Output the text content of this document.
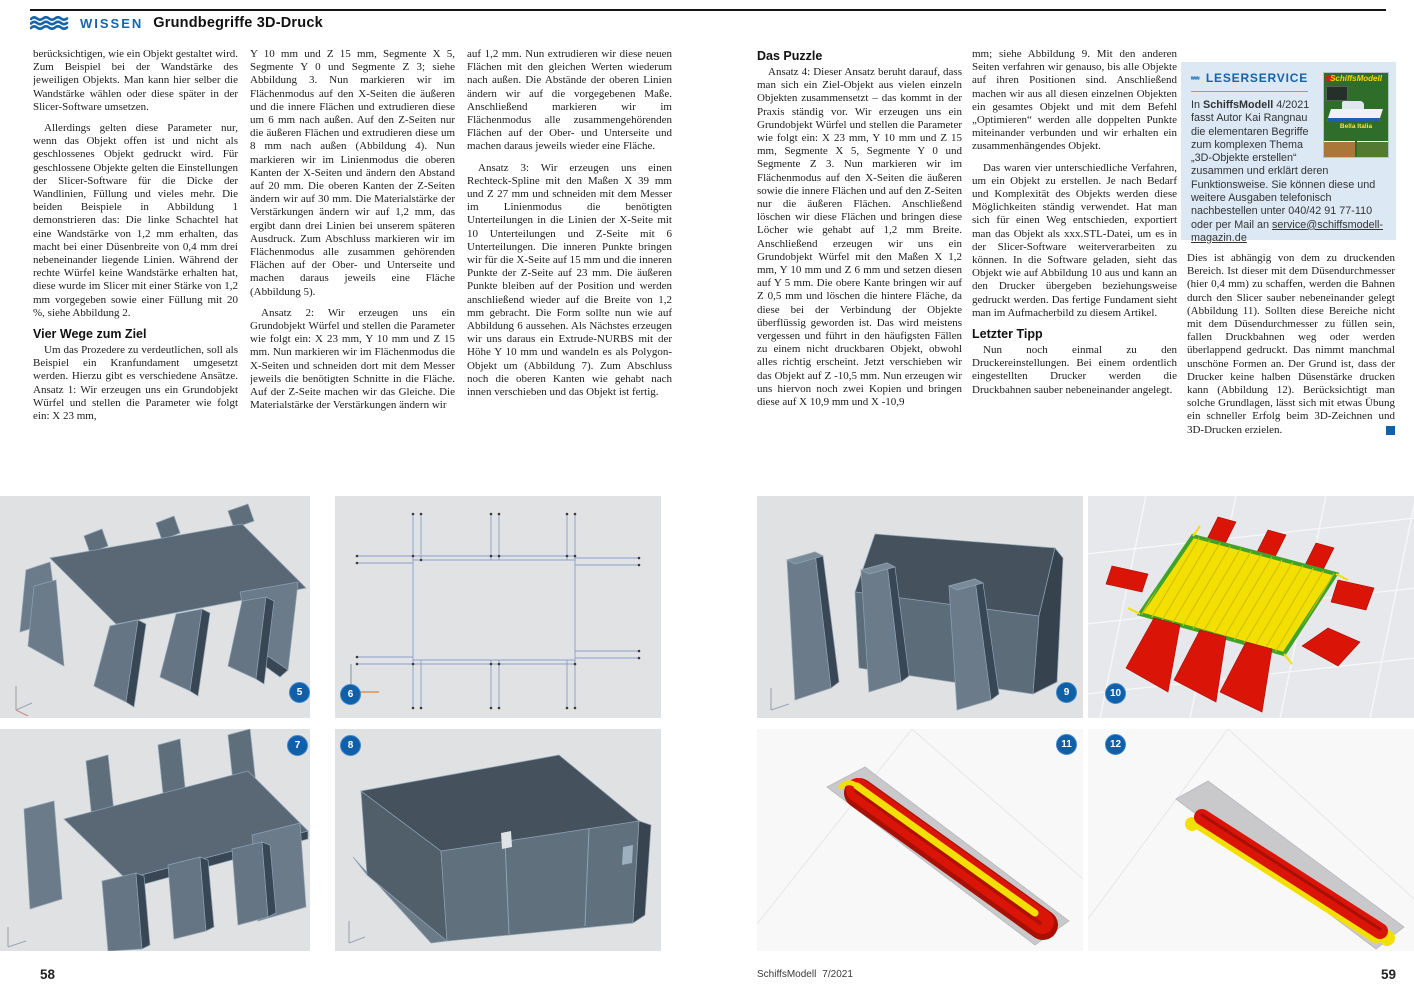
WISSEN Grundbegriffe 3D-Druck

berücksichtigen, wie ein Objekt gestaltet wird. Zum Beispiel bei der Wandstärke des jeweiligen Objekts. Man kann hier selber die Wandstärke wählen oder diese später in der Slicer-Software umsetzen.

Allerdings gelten diese Parameter nur, wenn das Objekt offen ist und nicht als geschlossenes Objekt gedruckt wird. Für geschlossene Objekte gelten die Einstellungen der Slicer-Software für die Dicke der Wandlinien, Füllung und vieles mehr. Die beiden Beispiele in Abbildung 1 demonstrieren das: Die linke Schachtel hat eine Wandstärke von 1,2 mm erhalten, das macht bei einer Düsenbreite von 0,4 mm drei nebeneinander liegende Linien. Während der rechte Würfel keine Wandstärke erhalten hat, diese wurde im Slicer mit einer Stärke von 1,2 mm vorgegeben sowie einer Füllung mit 20 %, siehe Abbildung 2.

Vier Wege zum Ziel

Um das Prozedere zu verdeutlichen, soll als Beispiel ein Kranfundament umgesetzt werden. Hierzu gibt es verschiedene Ansätze. Ansatz 1: Wir erzeugen uns ein Grundobjekt Würfel und stellen die Parameter wie folgt ein: X 23 mm,

Y 10 mm und Z 15 mm, Segmente X 5, Segmente Y 0 und Segmente Z 3; siehe Abbildung 3. Nun markieren wir im Flächenmodus auf den X-Seiten die äußeren und die innere Flächen und extrudieren diese um 6 mm nach außen. Auf den Z-Seiten nur die äußeren Flächen und extrudieren diese um 8 mm nach außen (Abbildung 4). Nun markieren wir im Linienmodus die oberen Kanten der X-Seiten und ändern den Abstand auf 20 mm. Die oberen Kanten der Z-Seiten ändern wir auf 30 mm. Die Materialstärke der Verstärkungen ändern wir auf 1,2 mm, das ergibt dann drei Linien bei unserem späteren Ausdruck. Zum Abschluss markieren wir im Flächenmodus alle zusammen gehörenden Flächen auf der Ober- und Unterseite und machen daraus jeweils eine Fläche (Abbildung 5).

Ansatz 2: Wir erzeugen uns ein Grundobjekt Würfel und stellen die Parameter wie folgt ein: X 23 mm, Y 10 mm und Z 15 mm. Nun markieren wir im Flächenmodus die X-Seiten und schneiden dort mit dem Messer jeweils die benötigten Schnitte in die Fläche. Auf der Z-Seite machen wir das Gleiche. Die Materialstärke der Verstärkungen ändern wir

auf 1,2 mm. Nun extrudieren wir diese neuen Flächen mit den gleichen Werten wiederum nach außen. Die Abstände der oberen Linien ändern wir auf die vorgegebenen Maße. Anschließend markieren wir im Flächenmodus alle zusammengehörenden Flächen auf der Ober- und Unterseite und machen daraus jeweils wieder eine Fläche.

Ansatz 3: Wir erzeugen uns einen Rechteck-Spline mit den Maßen X 39 mm und Z 27 mm und schneiden mit dem Messer im Linienmodus die benötigten Unterteilungen in die Linien der X-Seite mit 10 Unterteilungen und Z-Seite mit 6 Unterteilungen. Die inneren Punkte bringen wir für die X-Seite auf 15 mm und die inneren Punkte der Z-Seite auf 23 mm. Die äußeren Punkte bleiben auf der Position und werden anschließend wieder auf die Breite von 1,2 mm gebracht. Die Form sollte nun wie auf Abbildung 6 aussehen. Als Nächstes erzeugen wir uns daraus ein Extrude-NURBS mit der Höhe Y 10 mm und wandeln es als Polygon-Objekt um (Abbildung 7). Zum Abschluss noch die oberen Kanten wie gehabt nach innen verschieben und das Objekt ist fertig.

Das Puzzle

Ansatz 4: Dieser Ansatz beruht darauf, dass man sich ein Ziel-Objekt aus vielen einzeln Objekten zusammensetzt – das kommt in der Praxis ständig vor. Wir erzeugen uns ein Grundobjekt Würfel und stellen die Parameter wie folgt ein: X 23 mm, Y 10 mm und Z 15 mm, Segmente X 5, Segmente Y 0 und Segmente Z 3. Nun markieren wir im Flächenmodus auf den X-Seiten die äußeren sowie die innere Flächen und auf den Z-Seiten nur die äußeren Flächen. Anschließend löschen wir diese Flächen und bringen diese Löcher wie gehabt auf 1,2 mm Breite. Anschließend erzeugen wir uns ein Grundobjekt Würfel mit den Maßen X 1,2 mm, Y 10 mm und Z 6 mm und setzen diesen auf Y 5 mm. Die obere Kante bringen wir auf Z 0,5 mm und löschen die hintere Fläche, da diese bei der Verbindung der Objekte überflüssig geworden ist. Das wird meistens vergessen und führt in den häufigsten Fällen zu einem nicht druckbaren Objekt, obwohl alles richtig erscheint. Jetzt verschieben wir das Objekt auf Z -10,5 mm. Nun erzeugen wir uns hiervon noch zwei Kopien und bringen diese auf X 10,9 mm und X -10,9

mm; siehe Abbildung 9. Mit den anderen Seiten verfahren wir genauso, bis alle Objekte auf ihren Positionen sind. Anschließend machen wir aus all diesen einzelnen Objekten ein gesamtes Objekt und mit dem Befehl „Optimieren“ werden alle doppelten Punkte miteinander verbunden und wir erhalten ein zusammenhängendes Objekt.

Das waren vier unterschiedliche Verfahren, um ein Objekt zu erstellen. Je nach Bedarf und Komplexität des Objekts werden diese Möglichkeiten ständig verwendet. Hat man sich für einen Weg entschieden, exportiert man das Objekt als xxx.STL-Datei, um es in der Slicer-Software weiterverarbeiten zu können. In die Software geladen, sieht das Objekt wie auf Abbildung 10 aus und kann an den Drucker übergeben beziehungsweise gedruckt werden. Das fertige Fundament sieht man im Aufmacherbild zu diesem Artikel.

Letzter Tipp

Nun noch einmal zu den Druckereinstellungen. Bei einem ordentlich eingestellten Drucker werden die Druckbahnen sauber nebeneinander angelegt.

Dies ist abhängig von dem zu druckenden Bereich. Ist dieser mit dem Düsendurchmesser (hier 0,4 mm) zu schaffen, werden die Bahnen durch den Slicer sauber nebeneinander gelegt (Abbildung 11). Sollten diese Bereiche nicht mit dem Düsendurchmesser zu füllen sein, fallen Druckbahnen weg oder werden überlappend gedruckt. Das nimmt manchmal unschöne Formen an. Der Grund ist, dass der Drucker keine halben Düsenstärke drucken kann (Abbildung 12). Berücksichtigt man solche Grundlagen, lässt sich mit etwas Übung ein schneller Erfolg beim 3D-Zeichnen und 3D-Drucken erzielen.

LESERSERVICE
In SchiffsModell 4/2021 fasst Autor Kai Rangnau die elementaren Begriffe zum komplexen Thema „3D-Objekte erstellen“ zusammen und erklärt deren Funktionsweise. Sie können diese und weitere Ausgaben telefonisch nachbestellen unter 040/42 91 77-110 oder per Mail an service@schiffsmodell-magazin.de
SchiffsModell
Bella Italia
5	6
7	8
9	10
11	12
58	SchiffsModell 7/2021	59
